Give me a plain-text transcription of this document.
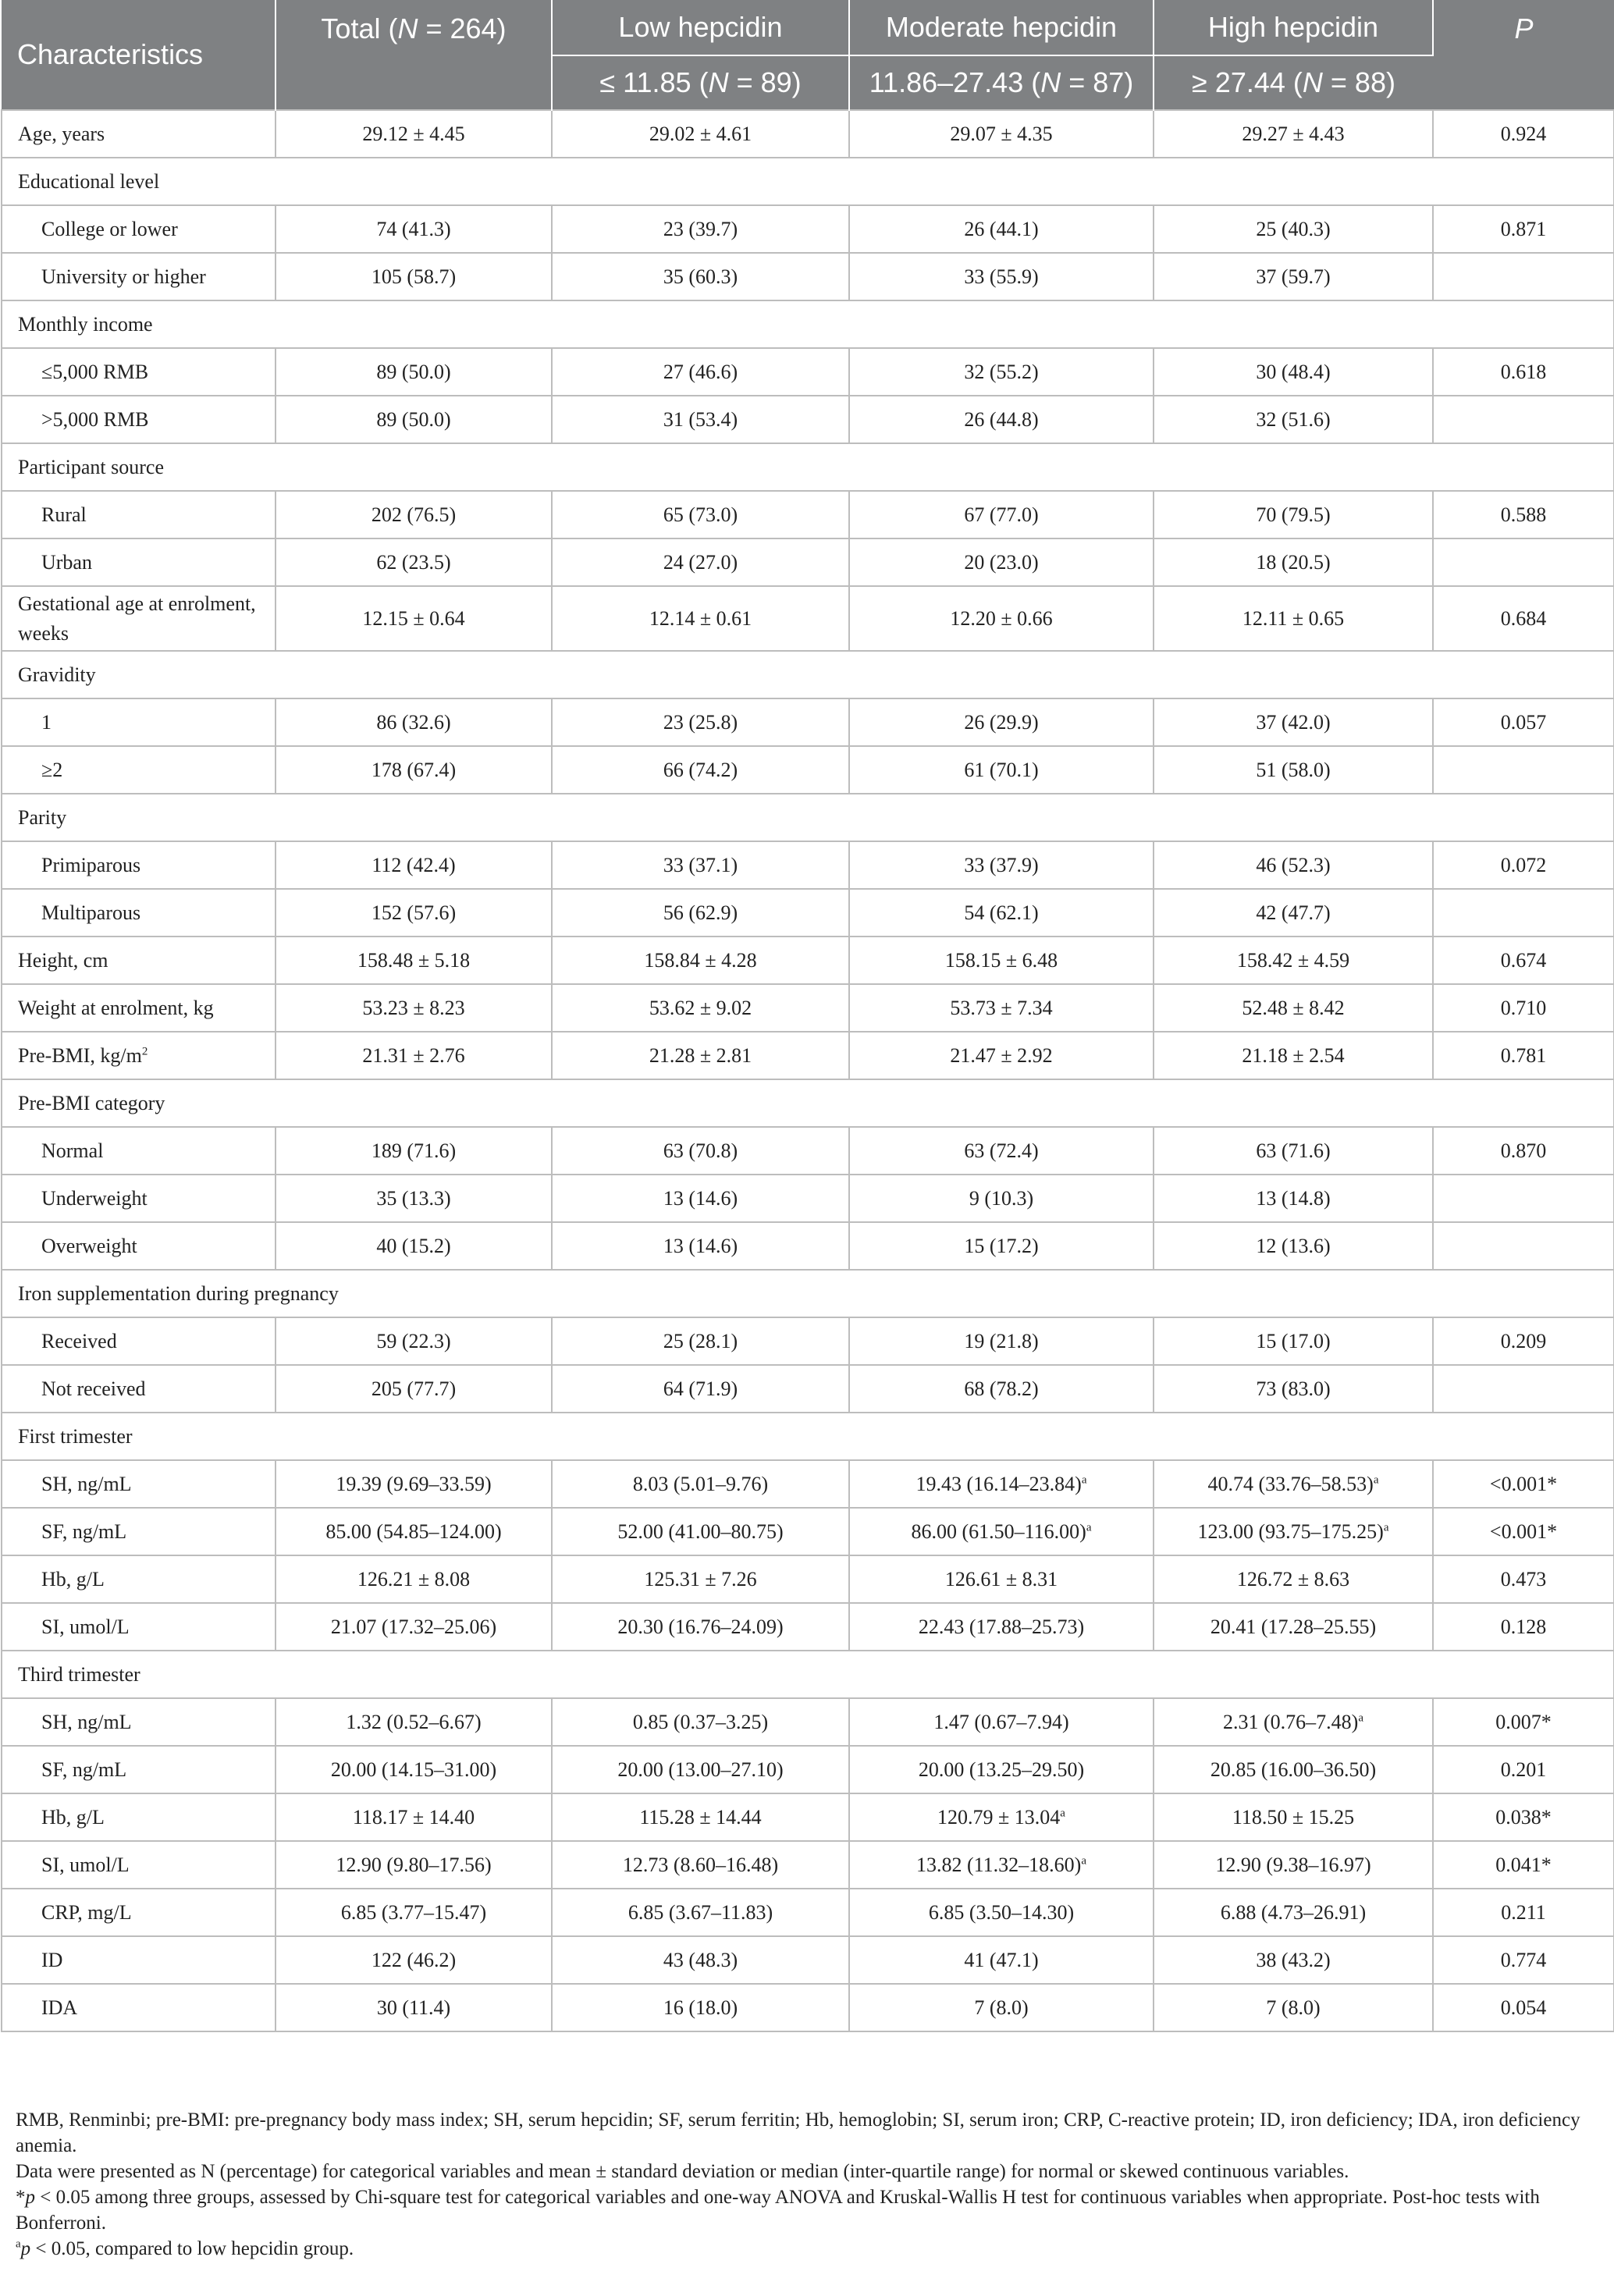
Characteristics	Total (N = 264)	Low hepcidin	Moderate hepcidin	High hepcidin	P
		≤ 11.85 (N = 89)	11.86–27.43 (N = 87)	≥ 27.44 (N = 88)	
Age, years	29.12 ± 4.45	29.02 ± 4.61	29.07 ± 4.35	29.27 ± 4.43	0.924
Educational level					
College or lower	74 (41.3)	23 (39.7)	26 (44.1)	25 (40.3)	0.871
University or higher	105 (58.7)	35 (60.3)	33 (55.9)	37 (59.7)	
Monthly income					
≤5,000 RMB	89 (50.0)	27 (46.6)	32 (55.2)	30 (48.4)	0.618
>5,000 RMB	89 (50.0)	31 (53.4)	26 (44.8)	32 (51.6)	
Participant source					
Rural	202 (76.5)	65 (73.0)	67 (77.0)	70 (79.5)	0.588
Urban	62 (23.5)	24 (27.0)	20 (23.0)	18 (20.5)	
Gestational age at enrolment, weeks	12.15 ± 0.64	12.14 ± 0.61	12.20 ± 0.66	12.11 ± 0.65	0.684
Gravidity					
1	86 (32.6)	23 (25.8)	26 (29.9)	37 (42.0)	0.057
≥2	178 (67.4)	66 (74.2)	61 (70.1)	51 (58.0)	
Parity					
Primiparous	112 (42.4)	33 (37.1)	33 (37.9)	46 (52.3)	0.072
Multiparous	152 (57.6)	56 (62.9)	54 (62.1)	42 (47.7)	
Height, cm	158.48 ± 5.18	158.84 ± 4.28	158.15 ± 6.48	158.42 ± 4.59	0.674
Weight at enrolment, kg	53.23 ± 8.23	53.62 ± 9.02	53.73 ± 7.34	52.48 ± 8.42	0.710
Pre-BMI, $kg/m^2$	21.31 ± 2.76	21.28 ± 2.81	21.47 ± 2.92	21.18 ± 2.54	0.781
Pre-BMI category					
Normal	189 (71.6)	63 (70.8)	63 (72.4)	63 (71.6)	0.870
Underweight	35 (13.3)	13 (14.6)	9 (10.3)	13 (14.8)	
Overweight	40 (15.2)	13 (14.6)	15 (17.2)	12 (13.6)	
Iron supplementation during pregnancy					
Received	59 (22.3)	25 (28.1)	19 (21.8)	15 (17.0)	0.209
Not received	205 (77.7)	64 (71.9)	68 (78.2)	73 (83.0)	
First trimester					
SH, ng/mL	19.39 (9.69–33.59)	8.03 (5.01–9.76)	19.43 $(16.14-23.84)^a$	40.74 $(33.76-58.53)^a$	<0.001*
SF, ng/mL	85.00 (54.85–124.00)	52.00 (41.00–80.75)	86.00 $(61.50-116.00)^a$	123.00 $(93.75-175.25)^a$	<0.001*
Hb, g/L	126.21 ± 8.08	125.31 ± 7.26	126.61 ± 8.31	126.72 ± 8.63	0.473
SI, umol/L	21.07 (17.32–25.06)	20.30 (16.76–24.09)	22.43 (17.88–25.73)	20.41 (17.28–25.55)	0.128
Third trimester					
SH, ng/mL	1.32 (0.52–6.67)	0.85 (0.37–3.25)	1.47 (0.67–7.94)	2.31 $(0.76-7.48)^a$	0.007*
SF, ng/mL	20.00 (14.15–31.00)	20.00 (13.00–27.10)	20.00 (13.25–29.50)	20.85 (16.00–36.50)	0.201
Hb, g/L	118.17 ± 14.40	115.28 ± 14.44	120.79 ± 13.04$^a$	118.50 ± 15.25	0.038*
SI, umol/L	12.90 (9.80–17.56)	12.73 (8.60–16.48)	13.82 $(11.32-18.60)^a$	12.90 (9.38–16.97)	0.041*
CRP, mg/L	6.85 (3.77–15.47)	6.85 (3.67–11.83)	6.85 (3.50–14.30)	6.88 (4.73–26.91)	0.211
ID	122 (46.2)	43 (48.3)	41 (47.1)	38 (43.2)	0.774
IDA	30 (11.4)	16 (18.0)	7 (8.0)	7 (8.0)	0.054

RMB, Renminbi; pre-BMI: pre-pregnancy body mass index; SH, serum hepcidin; SF, serum ferritin; Hb, hemoglobin; SI, serum iron; CRP, C-reactive protein; ID, iron deficiency; IDA, iron deficiency anemia.

Data were presented as N (percentage) for categorical variables and mean ± standard deviation or median (inter-quartile range) for normal or skewed continuous variables.

*p < 0.05 among three groups, assessed by Chi-square test for categorical variables and one-way ANOVA and Kruskal-Wallis H test for continuous variables when appropriate. Post-hoc tests with Bonferroni.

$^a$p < 0.05, compared to low hepcidin group.
